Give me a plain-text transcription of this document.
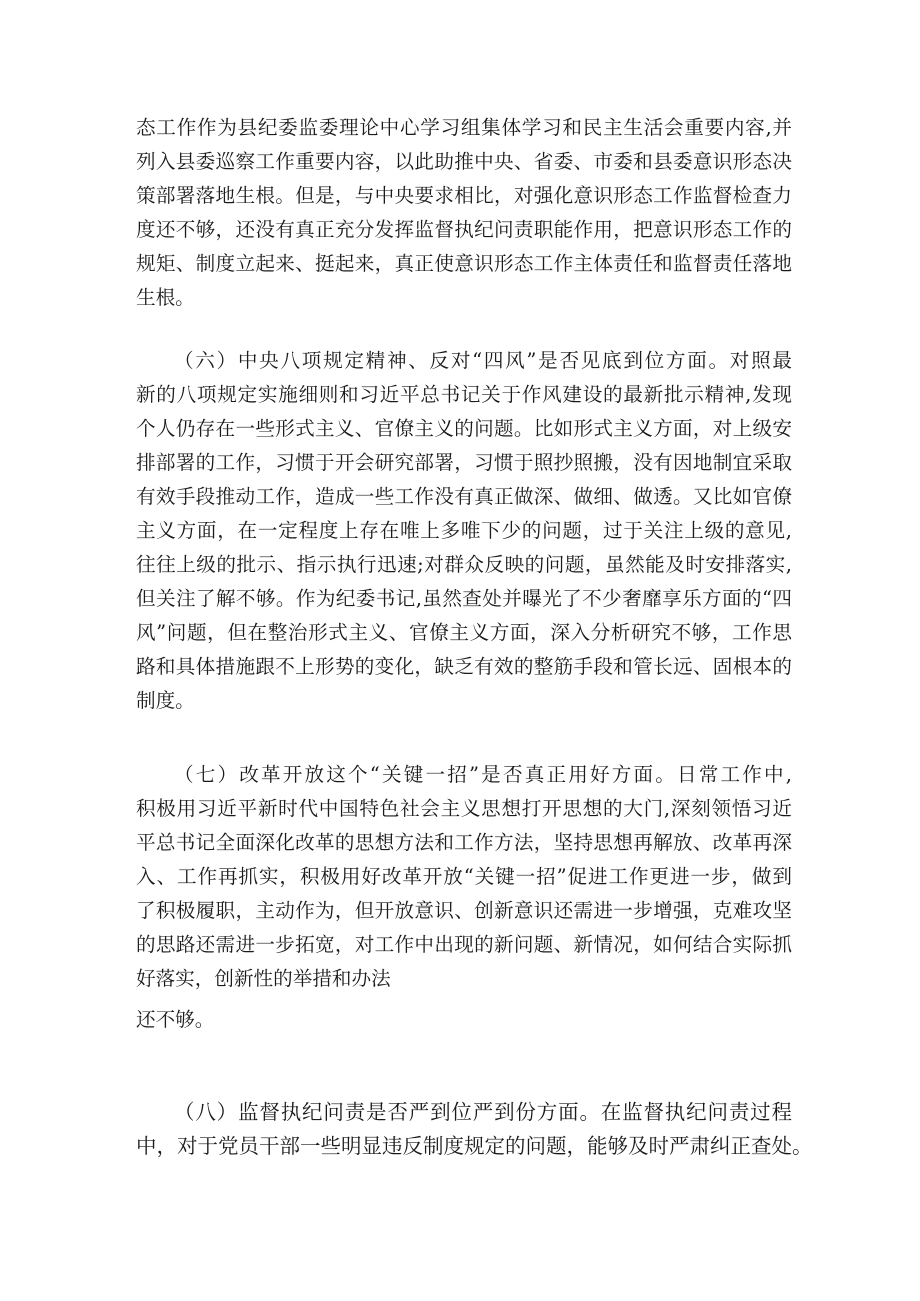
态工作作为县纪委监委理论中心学习组集体学习和民主生活会重要内容,并
列入县委巡察工作重要内容，以此助推中央、省委、市委和县委意识形态决
策部署落地生根。但是，与中央要求相比，对强化意识形态工作监督检查力
度还不够，还没有真正充分发挥监督执纪问责职能作用，把意识形态工作的
规矩、制度立起来、挺起来，真正使意识形态工作主体责任和监督责任落地
生根。
（六）中央八项规定精神、反对“四风”是否见底到位方面。对照最
新的八项规定实施细则和习近平总书记关于作风建设的最新批示精神,发现
个人仍存在一些形式主义、官僚主义的问题。比如形式主义方面，对上级安
排部署的工作，习惯于开会研究部署，习惯于照抄照搬，没有因地制宜采取
有效手段推动工作，造成一些工作没有真正做深、做细、做透。又比如官僚
主义方面，在一定程度上存在唯上多唯下少的问题，过于关注上级的意见,
往往上级的批示、指示执行迅速;对群众反映的问题，虽然能及时安排落实,
但关注了解不够。作为纪委书记,虽然查处并曝光了不少奢靡享乐方面的“四
风”问题，但在整治形式主义、官僚主义方面，深入分析研究不够，工作思
路和具体措施跟不上形势的变化，缺乏有效的整筋手段和管长远、固根本的
制度。
（七）改革开放这个“关键一招”是否真正用好方面。日常工作中,
积极用习近平新时代中国特色社会主义思想打开思想的大门,深刻领悟习近
平总书记全面深化改革的思想方法和工作方法，坚持思想再解放、改革再深
入、工作再抓实，积极用好改革开放“关键一招”促进工作更进一步，做到
了积极履职，主动作为，但开放意识、创新意识还需进一步增强，克难攻坚
的思路还需进一步拓宽，对工作中出现的新问题、新情况，如何结合实际抓
好落实，创新性的举措和办法
还不够。
（八）监督执纪问责是否严到位严到份方面。在监督执纪问责过程
中，对于党员干部一些明显违反制度规定的问题，能够及时严肃纠正查处。
